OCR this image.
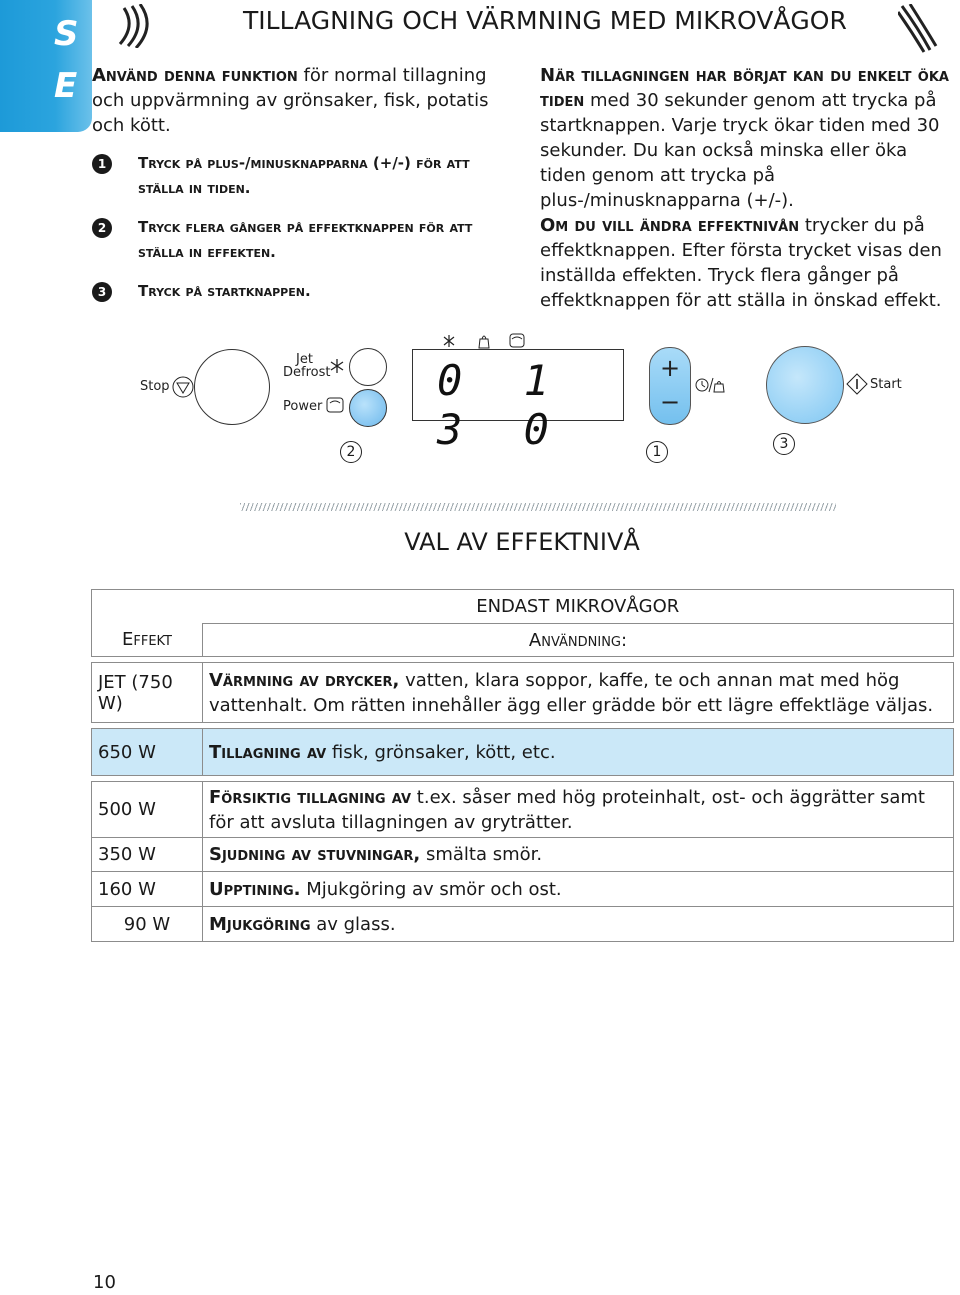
S
E
TILLAGNING OCH VÄRMNING MED MIKROVÅGOR
Använd denna funktion för normal tillagning och uppvärmning av grönsaker, fisk, potatis och kött.
1	Tryck på plus-/minusknapparna (+/-) för att ställa in tiden.
2	Tryck flera gånger på effektknappen för att ställa in effekten.
3	Tryck på startknappen.

När tillagningen har börjat kan du enkelt öka tiden med 30 sekunder genom att trycka på startknappen. Varje tryck ökar tiden med 30 sekunder. Du kan också minska eller öka tiden genom att trycka på plus-/minusknapparna (+/-).

Om du vill ändra effektnivån trycker du på effektknappen. Efter första trycket visas den inställda effekten. Tryck flera gånger på effektknappen för att ställa in önskad effekt.

Stop
Jet
Defrost
Power
0 1 3 0
+
−
Start
2	1	3
VAL AV EFFEKTNIVÅ
	ENDAST MIKROVÅGOR
Effekt	Användning:

JET (750 W)	Värmning av drycker, vatten, klara soppor, kaffe, te och annan mat med hög vattenhalt. Om rätten innehåller ägg eller grädde bör ett lägre effektläge väljas.

650 W	Tillagning av fisk, grönsaker, kött, etc.

500 W	Försiktig tillagning av t.ex. såser med hög proteinhalt, ost- och äggrätter samt för att avsluta tillagningen av gryträtter.
350 W	Sjudning av stuvningar, smälta smör.
160 W	Upptining. Mjukgöring av smör och ost.
90 W	Mjukgöring av glass.
10
